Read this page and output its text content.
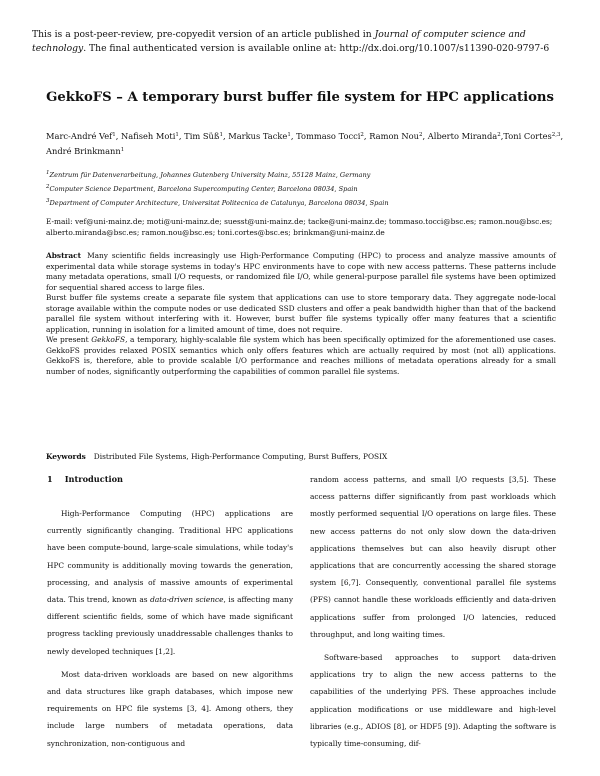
This is a post-peer-review, pre-copyedit version of an article published in Journal of computer science and technology. The final authenticated version is available online at: http://dx.doi.org/10.1007/s11390-020-9797-6
GekkoFS – A temporary burst buffer file system for HPC applications
Marc-André Vef$^1$, Nafiseh Moti$^1$, Tim Süß$^1$, Markus Tacke$^1$, Tommaso Tocci$^2$, Ramon Nou$^2$, Alberto Miranda$^2$,Toni Cortes$^{2,3}$, André Brinkmann$^1$
$^1$Zentrum für Datenverarbeitung, Johannes Gutenberg University Mainz, 55128 Mainz, Germany
$^2$Computer Science Department, Barcelona Supercomputing Center, Barcelona 08034, Spain
$^3$Department of Computer Architecture, Universitat Politecnica de Catalunya, Barcelona 08034, Spain
E-mail: vef@uni-mainz.de; moti@uni-mainz.de; suesst@uni-mainz.de; tacke@uni-mainz.de; tommaso.tocci@bsc.es; ramon.nou@bsc.es; alberto.miranda@bsc.es; ramon.nou@bsc.es; toni.cortes@bsc.es; brinkman@uni-mainz.de

Abstract Many scientific fields increasingly use High-Performance Computing (HPC) to process and analyze massive amounts of experimental data while storage systems in today's HPC environments have to cope with new access patterns. These patterns include many metadata operations, small I/O requests, or randomized file I/O, while general-purpose parallel file systems have been optimized for sequential shared access to large files.

Burst buffer file systems create a separate file system that applications can use to store temporary data. They aggregate node-local storage available within the compute nodes or use dedicated SSD clusters and offer a peak bandwidth higher than that of the backend parallel file system without interfering with it. However, burst buffer file systems typically offer many features that a scientific application, running in isolation for a limited amount of time, does not require.

We present GekkoFS, a temporary, highly-scalable file system which has been specifically optimized for the aforementioned use cases. GekkoFS provides relaxed POSIX semantics which only offers features which are actually required by most (not all) applications. GekkoFS is, therefore, able to provide scalable I/O performance and reaches millions of metadata operations already for a small number of nodes, significantly outperforming the capabilities of common parallel file systems.

Keywords Distributed File Systems, High-Performance Computing, Burst Buffers, POSIX

1 Introduction

High-Performance Computing (HPC) applications are currently significantly changing. Traditional HPC applications have been compute-bound, large-scale simulations, while today's HPC community is additionally moving towards the generation, processing, and analysis of massive amounts of experimental data. This trend, known as data-driven science, is affecting many different scientific fields, some of which have made significant progress tackling previously unaddressable challenges thanks to newly developed techniques [1,2].

Most data-driven workloads are based on new algorithms and data structures like graph databases, which impose new requirements on HPC file systems [3, 4]. Among others, they include large numbers of metadata operations, data synchronization, non-contiguous and

random access patterns, and small I/O requests [3,5]. These access patterns differ significantly from past workloads which mostly performed sequential I/O operations on large files. These new access patterns do not only slow down the data-driven applications themselves but can also heavily disrupt other applications that are concurrently accessing the shared storage system [6,7]. Consequently, conventional parallel file systems (PFS) cannot handle these workloads efficiently and data-driven applications suffer from prolonged I/O latencies, reduced throughput, and long waiting times.

Software-based approaches to support data-driven applications try to align the new access patterns to the capabilities of the underlying PFS. These approaches include application modifications or use middleware and high-level libraries (e.g., ADIOS [8], or HDF5 [9]). Adapting the software is typically time-consuming, dif-
